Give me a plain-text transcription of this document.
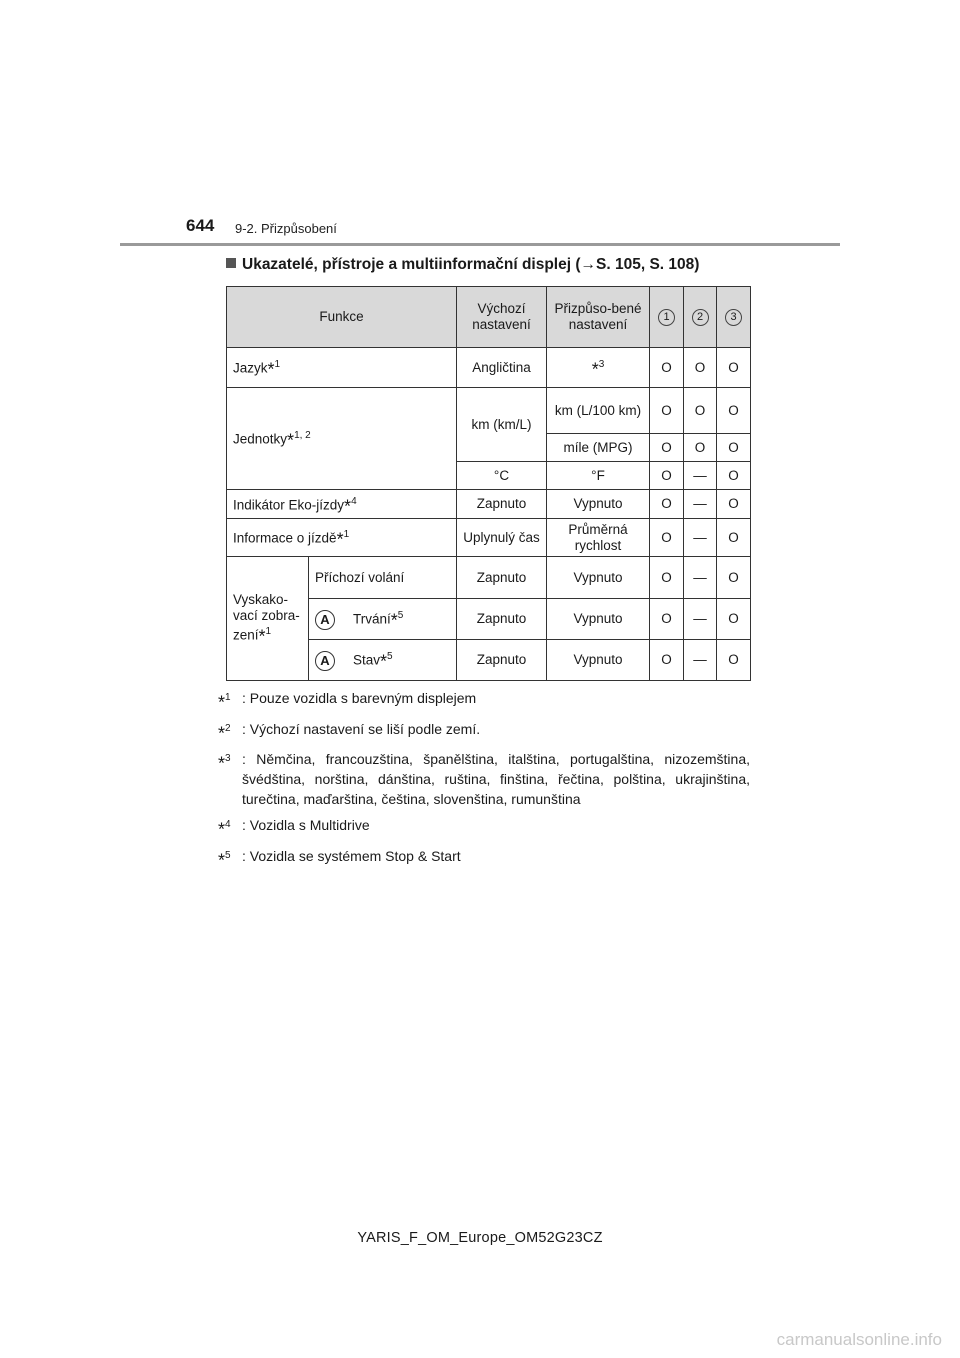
644 9-2. Přizpůsobení
Ukazatelé, přístroje a multiinformační displej (→S. 105, S. 108)
Funkce		Výchozí nastavení	Přizpůso-bené nastavení	1	2	3
Jazyk*$^1$		Angličtina	*$^3$	O	O	O
Jednotky*$^{1, 2}$		km (km/L)	km (L/100 km)	O	O	O
			míle (MPG)	O	O	O
		°C	°F	O	—	O
Indikátor Eko-jízdy*$^4$		Zapnuto	Vypnuto	O	—	O
Informace o jízdě*$^1$		Uplynulý čas	Průměrná rychlost	O	—	O
Vyskako-vací zobra-zení*$^1$	Příchozí volání	Zapnuto	Vypnuto	O	—	O
	A Trvání*$^5$	Zapnuto	Vypnuto	O	—	O
	A Stav*$^5$	Zapnuto	Vypnuto	O	—	O
*$^1$ : Pouze vozidla s barevným displejem
*$^2$ : Výchozí nastavení se liší podle zemí.
*$^3$ : Němčina, francouzština, španělština, italština, portugalština, nizozemština, švédština, norština, dánština, ruština, finština, řečtina, polština, ukrajinština, turečtina, maďarština, čeština, slovenština, rumunština
*$^4$ : Vozidla s Multidrive
*$^5$ : Vozidla se systémem Stop & Start
YARIS_F_OM_Europe_OM52G23CZ
carmanualsonline.info
